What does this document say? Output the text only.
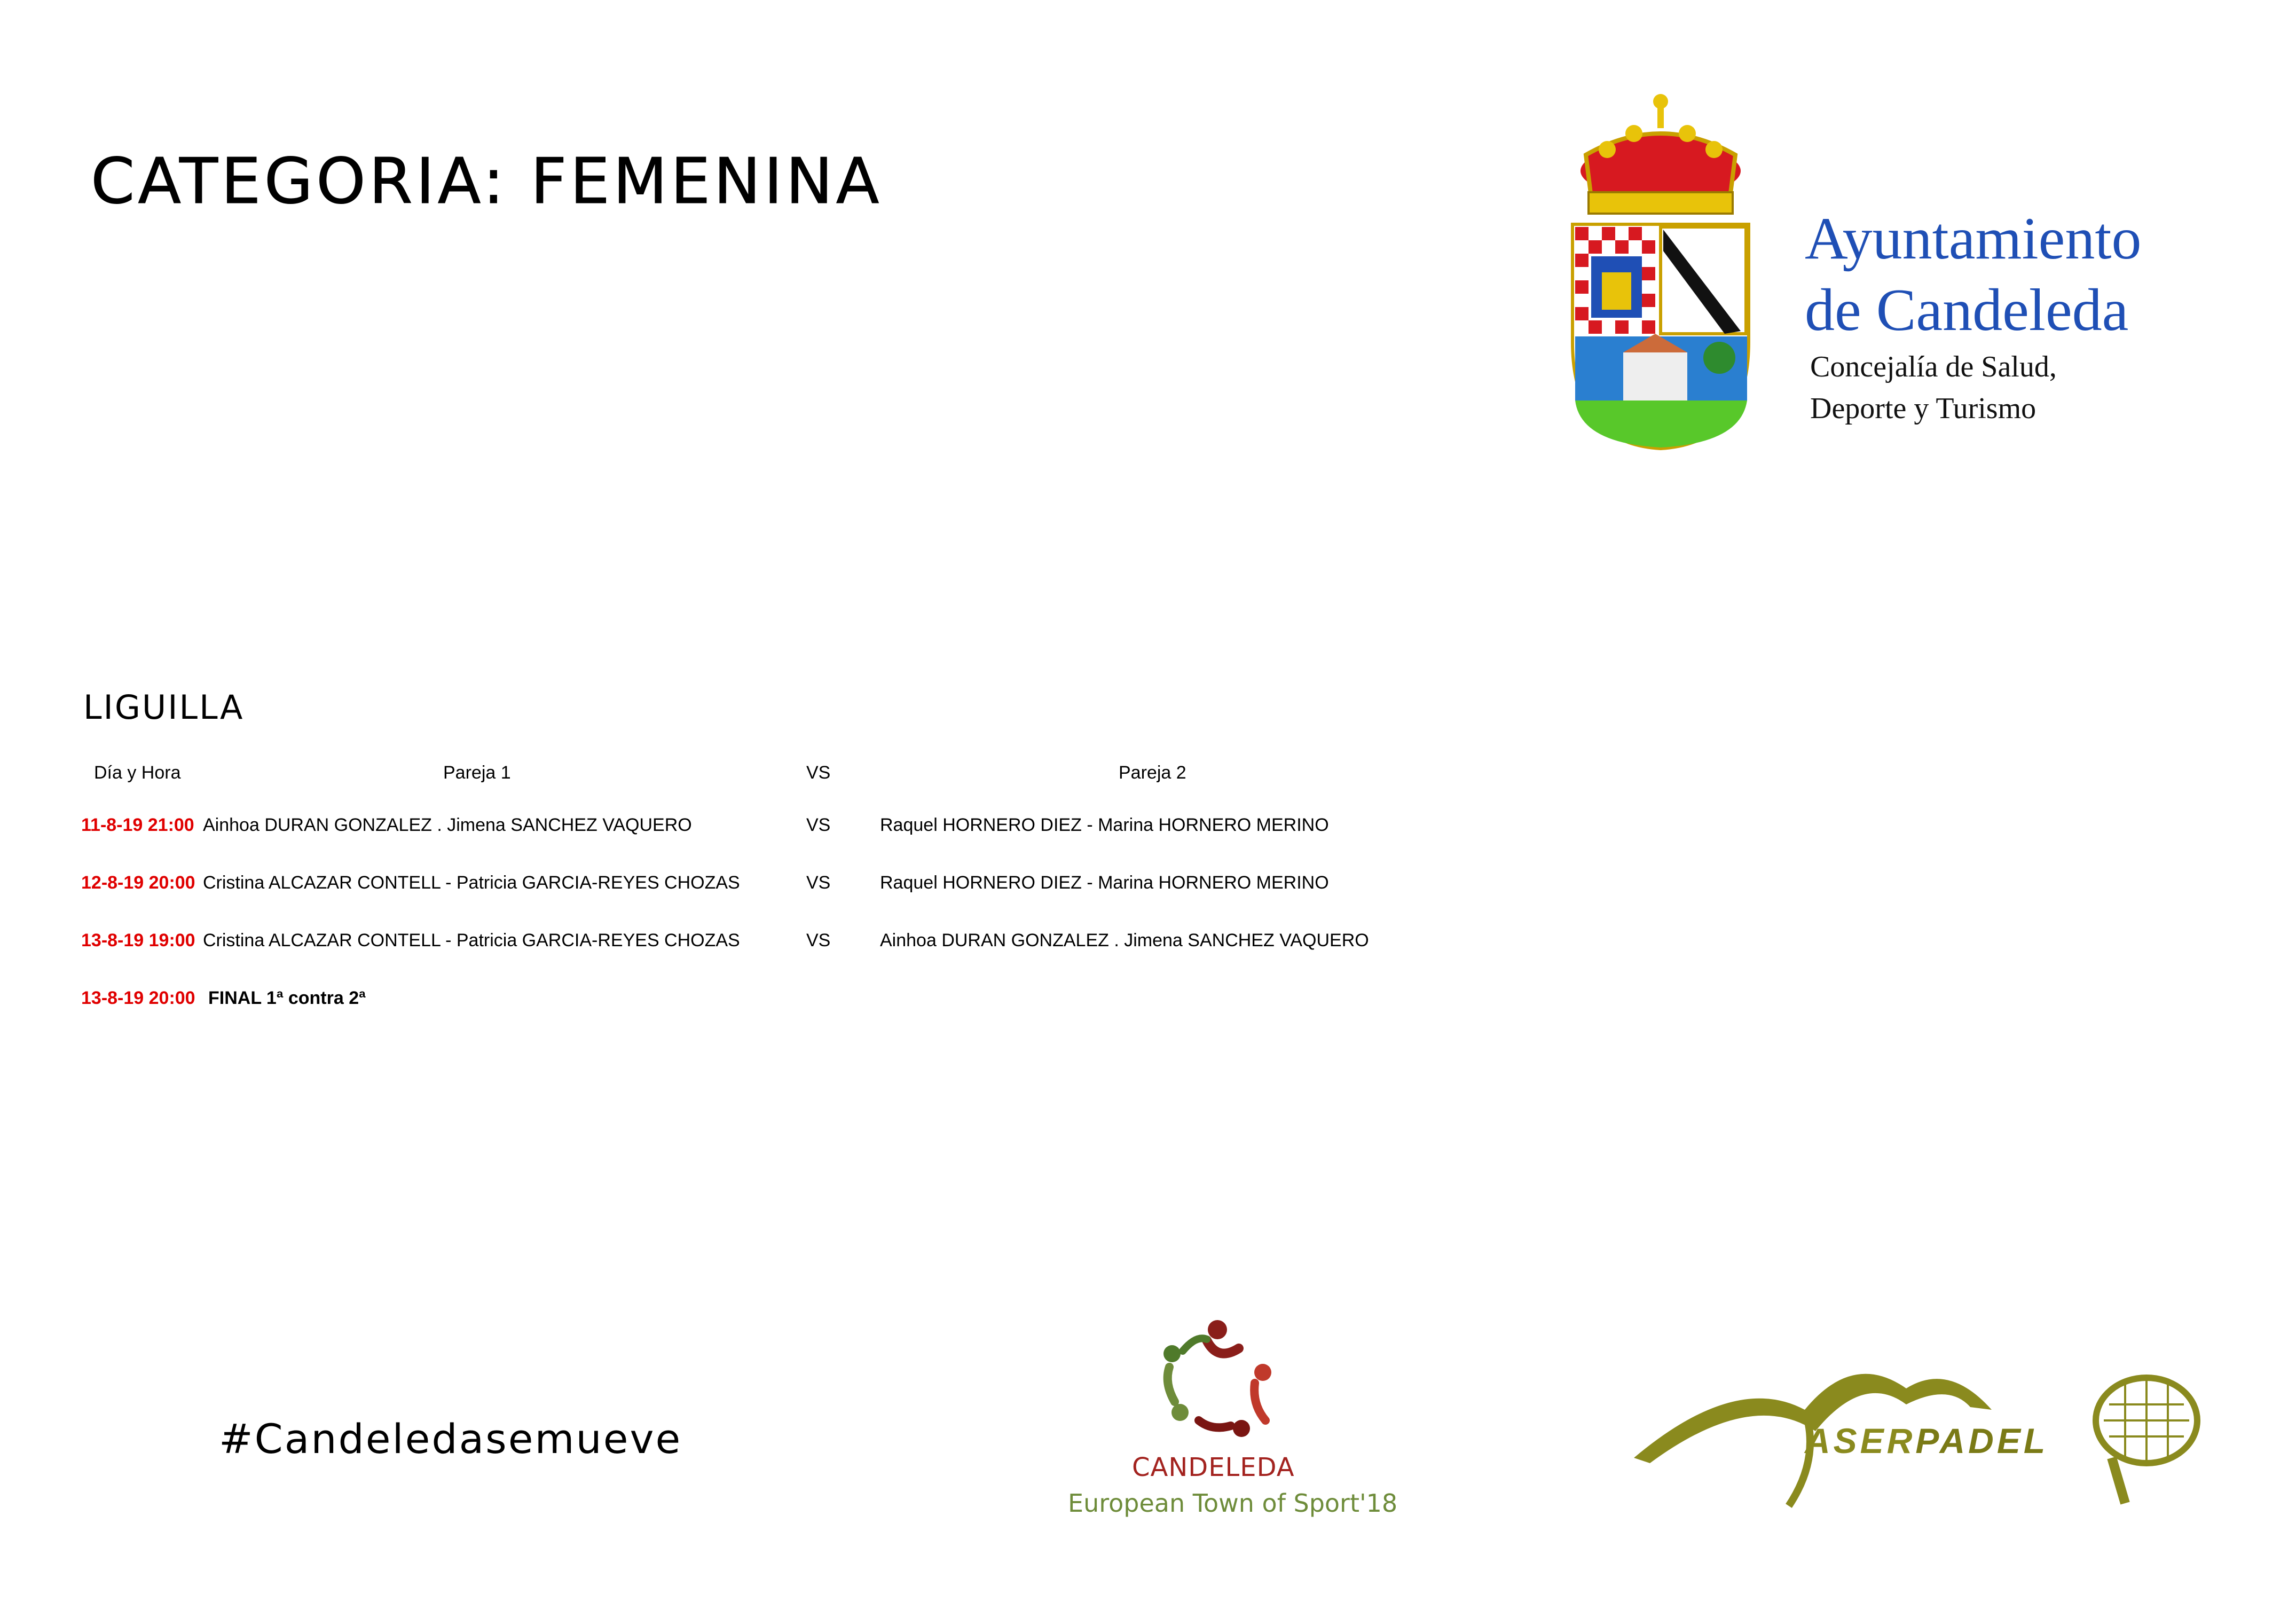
CATEGORIA: FEMENINA
Ayuntamiento
de Candeleda
Concejalía de Salud,
Deporte y Turismo
LIGUILLA
Día y Hora	Pareja 1	VS	Pareja 2
11-8-19 21:00 Ainhoa DURAN GONZALEZ . Jimena SANCHEZ VAQUERO	VS	Raquel HORNERO DIEZ - Marina HORNERO MERINO
12-8-19 20:00 Cristina ALCAZAR CONTELL - Patricia GARCIA-REYES CHOZAS	VS	Raquel HORNERO DIEZ - Marina HORNERO MERINO
13-8-19 19:00 Cristina ALCAZAR CONTELL - Patricia GARCIA-REYES CHOZAS	VS	Ainhoa DURAN GONZALEZ . Jimena SANCHEZ VAQUERO
13-8-19 20:00 FINAL 1ª contra 2ª
#Candeledasemueve
CANDELEDA
European Town of Sport'18
ASERPADEL
